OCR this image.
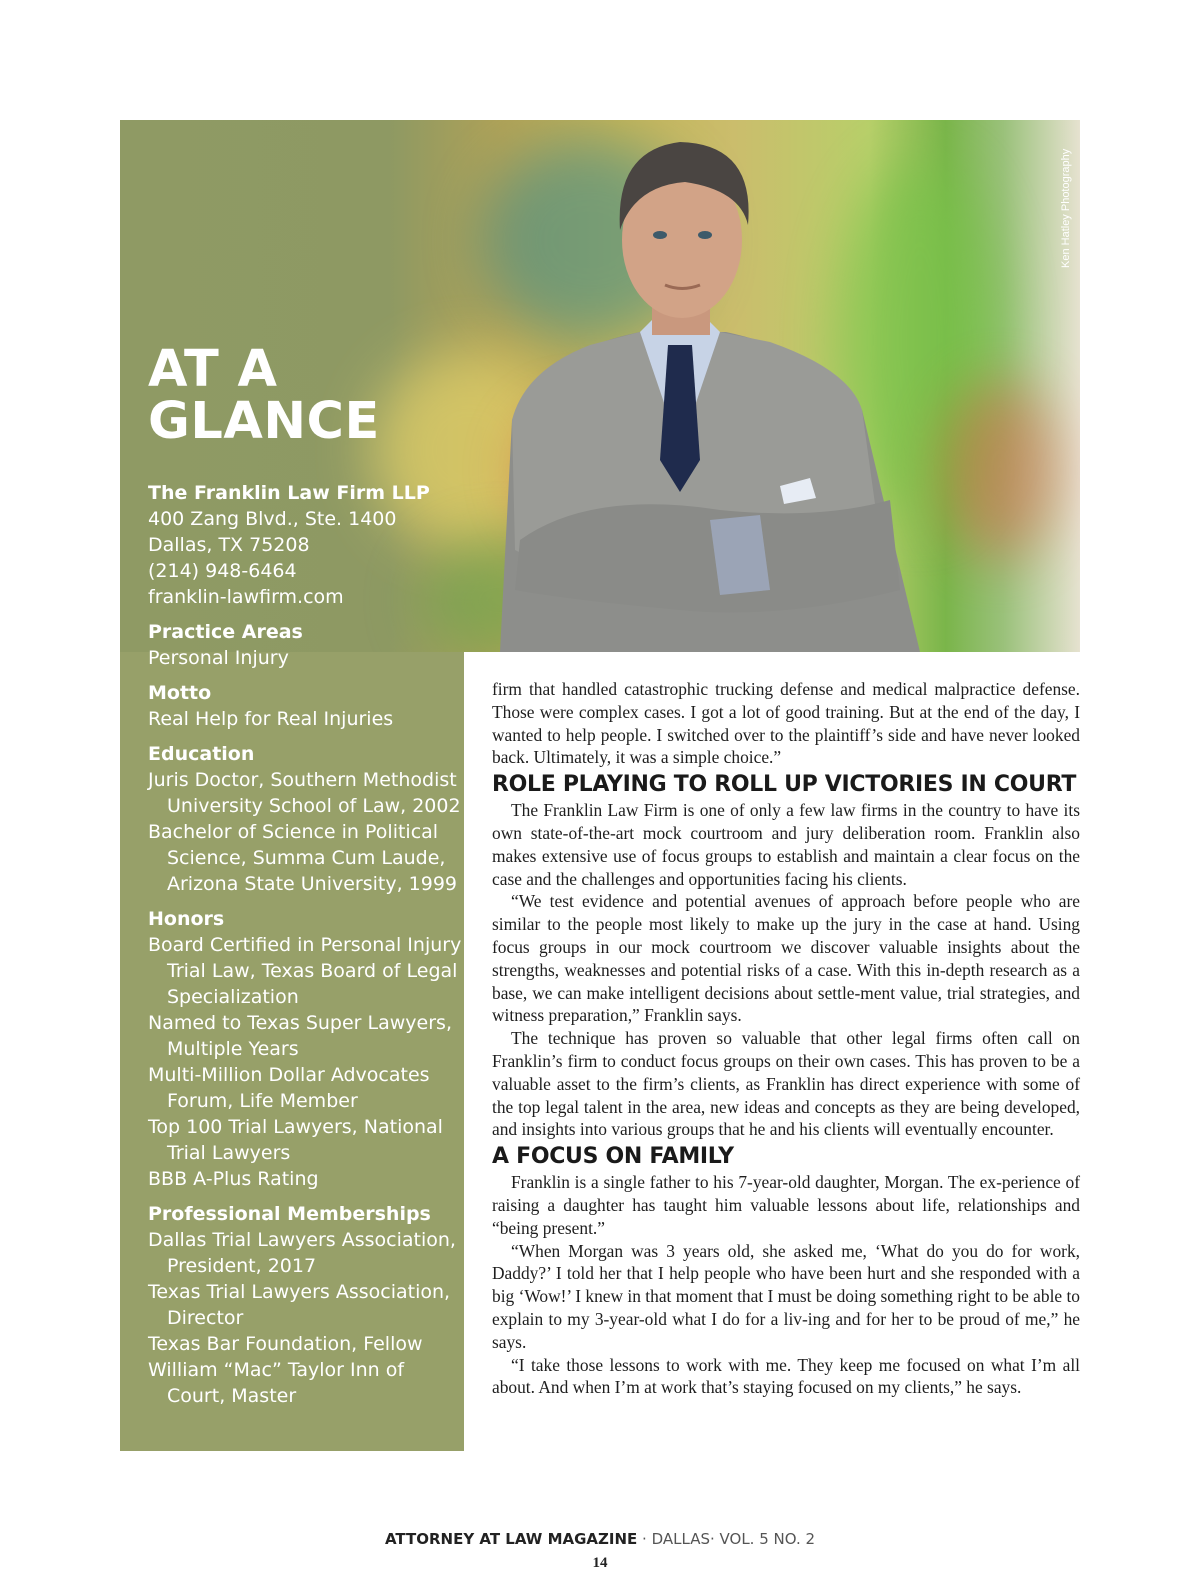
Ken Hatley Photography
AT A
GLANCE
The Franklin Law Firm LLP
400 Zang Blvd., Ste. 1400
Dallas, TX 75208
(214) 948-6464
franklin-lawfirm.com
Practice Areas
Personal Injury
Motto
Real Help for Real Injuries
Education
Juris Doctor, Southern Methodist University School of Law, 2002
Bachelor of Science in Political Science, Summa Cum Laude, Arizona State University, 1999
Honors
Board Certified in Personal Injury Trial Law, Texas Board of Legal Specialization
Named to Texas Super Lawyers, Multiple Years
Multi-Million Dollar Advocates Forum, Life Member
Top 100 Trial Lawyers, National Trial Lawyers
BBB A-Plus Rating
Professional Memberships
Dallas Trial Lawyers Association, President, 2017
Texas Trial Lawyers Association, Director
Texas Bar Foundation, Fellow
William “Mac” Taylor Inn of Court, Master

firm that handled catastrophic trucking defense and medical malpractice defense. Those were complex cases. I got a lot of good training. But at the end of the day, I wanted to help people. I switched over to the plaintiff’s side and have never looked back. Ultimately, it was a simple choice.”

ROLE PLAYING TO ROLL UP VICTORIES IN COURT

The Franklin Law Firm is one of only a few law firms in the country to have its own state-of-the-art mock courtroom and jury deliberation room. Franklin also makes extensive use of focus groups to establish and maintain a clear focus on the case and the challenges and opportunities facing his clients.

“We test evidence and potential avenues of approach before people who are similar to the people most likely to make up the jury in the case at hand. Using focus groups in our mock courtroom we discover valuable insights about the strengths, weaknesses and potential risks of a case. With this in-depth research as a base, we can make intelligent decisions about settle-ment value, trial strategies, and witness preparation,” Franklin says.

The technique has proven so valuable that other legal firms often call on Franklin’s firm to conduct focus groups on their own cases. This has proven to be a valuable asset to the firm’s clients, as Franklin has direct experience with some of the top legal talent in the area, new ideas and concepts as they are being developed, and insights into various groups that he and his clients will eventually encounter.

A FOCUS ON FAMILY

Franklin is a single father to his 7-year-old daughter, Morgan. The ex-perience of raising a daughter has taught him valuable lessons about life, relationships and “being present.”

“When Morgan was 3 years old, she asked me, ‘What do you do for work, Daddy?’ I told her that I help people who have been hurt and she responded with a big ‘Wow!’ I knew in that moment that I must be doing something right to be able to explain to my 3-year-old what I do for a liv-ing and for her to be proud of me,” he says.

“I take those lessons to work with me. They keep me focused on what I’m all about. And when I’m at work that’s staying focused on my clients,” he says.

ATTORNEY AT LAW MAGAZINE · DALLAS· VOL. 5 NO. 2
14
